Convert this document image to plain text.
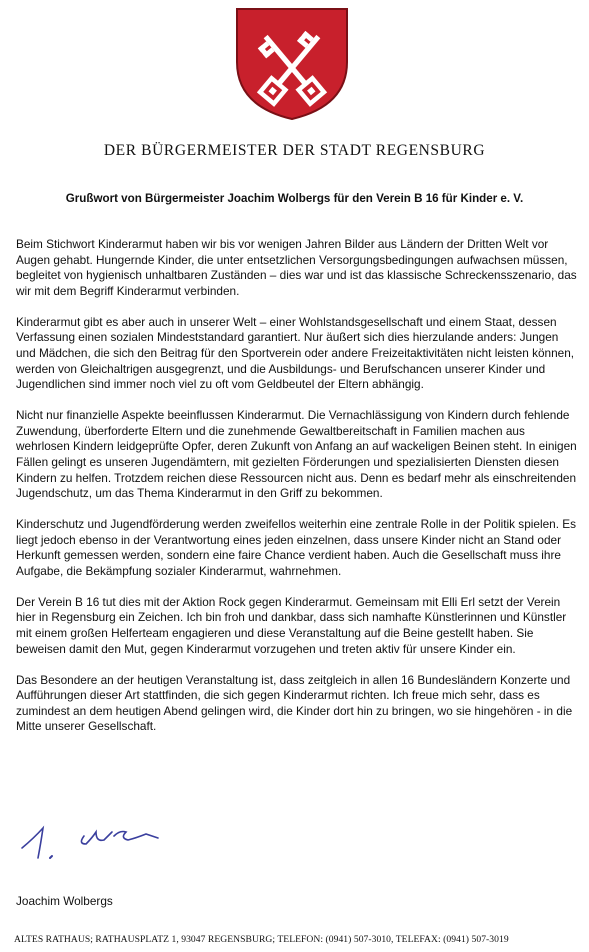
DER BÜRGERMEISTER DER STADT REGENSBURG
Grußwort von Bürgermeister Joachim Wolbergs für den Verein B 16 für Kinder e. V.

Beim Stichwort Kinderarmut haben wir bis vor wenigen Jahren Bilder aus Ländern der Dritten Welt vor Augen gehabt. Hungernde Kinder, die unter entsetzlichen Versorgungsbedingungen aufwachsen müssen, begleitet von hygienisch unhaltbaren Zuständen – dies war und ist das klassische Schreckensszenario, das wir mit dem Begriff Kinderarmut verbinden.

Kinderarmut gibt es aber auch in unserer Welt – einer Wohlstandsgesellschaft und einem Staat, dessen Verfassung einen sozialen Mindeststandard garantiert. Nur äußert sich dies hierzulande anders: Jungen und Mädchen, die sich den Beitrag für den Sportverein oder andere Freizeitaktivitäten nicht leisten können, werden von Gleichaltrigen ausgegrenzt, und die Ausbildungs- und Berufschancen unserer Kinder und Jugendlichen sind immer noch viel zu oft vom Geldbeutel der Eltern abhängig.

Nicht nur finanzielle Aspekte beeinflussen Kinderarmut. Die Vernachlässigung von Kindern durch fehlende Zuwendung, überforderte Eltern und die zunehmende Gewaltbereitschaft in Familien machen aus wehrlosen Kindern leidgeprüfte Opfer, deren Zukunft von Anfang an auf wackeligen Beinen steht. In einigen Fällen gelingt es unseren Jugendämtern, mit gezielten Förderungen und spezialisierten Diensten diesen Kindern zu helfen. Trotzdem reichen diese Ressourcen nicht aus. Denn es bedarf mehr als einschreitenden Jugendschutz, um das Thema Kinderarmut in den Griff zu bekommen.

Kinderschutz und Jugendförderung werden zweifellos weiterhin eine zentrale Rolle in der Politik spielen. Es liegt jedoch ebenso in der Verantwortung eines jeden einzelnen, dass unsere Kinder nicht an Stand oder Herkunft gemessen werden, sondern eine faire Chance verdient haben. Auch die Gesellschaft muss ihre Aufgabe, die Bekämpfung sozialer Kinderarmut, wahrnehmen.

Der Verein B 16 tut dies mit der Aktion Rock gegen Kinderarmut. Gemeinsam mit Elli Erl setzt der Verein hier in Regensburg ein Zeichen. Ich bin froh und dankbar, dass sich namhafte Künstlerinnen und Künstler mit einem großen Helferteam engagieren und diese Veranstaltung auf die Beine gestellt haben. Sie beweisen damit den Mut, gegen Kinderarmut vorzugehen und treten aktiv für unsere Kinder ein.

Das Besondere an der heutigen Veranstaltung ist, dass zeitgleich in allen 16 Bundesländern Konzerte und Aufführungen dieser Art stattfinden, die sich gegen Kinderarmut richten. Ich freue mich sehr, dass es zumindest an dem heutigen Abend gelingen wird, die Kinder dort hin zu bringen, wo sie hingehören - in die Mitte unserer Gesellschaft.

Joachim Wolbergs
ALTES RATHAUS; RATHAUSPLATZ 1, 93047 REGENSBURG; TELEFON: (0941) 507-3010, TELEFAX: (0941) 507-3019
